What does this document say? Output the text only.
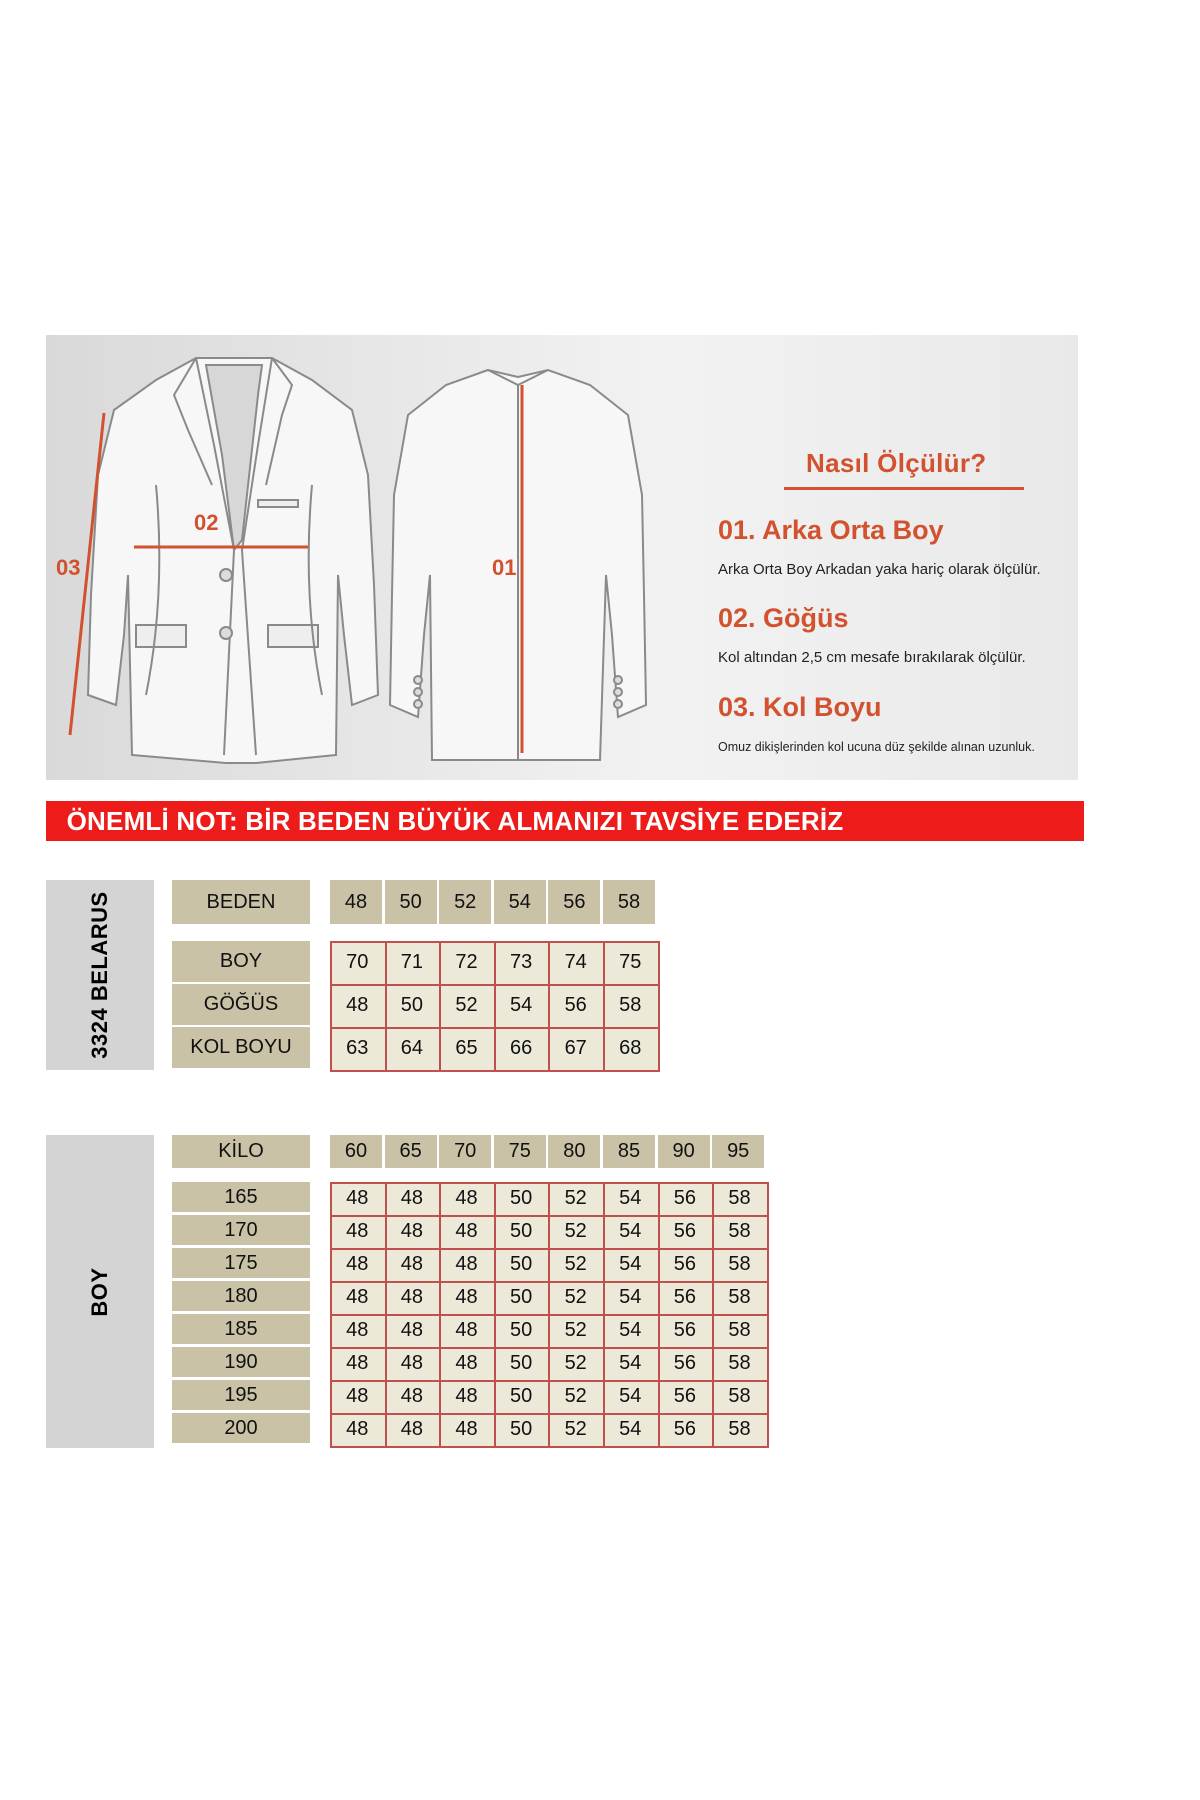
03
02
01
Nasıl Ölçülür?
01. Arka Orta Boy
Arka Orta Boy Arkadan yaka hariç olarak ölçülür.
02. Göğüs
Kol altından 2,5 cm mesafe bırakılarak ölçülür.
03. Kol Boyu
Omuz dikişlerinden kol ucuna düz şekilde alınan uzunluk.
ÖNEMLİ NOT: BİR BEDEN BÜYÜK ALMANIZI TAVSİYE EDERİZ
3324 BELARUS
BOY
BEDEN	48	50	52	54	56	58
BOY	70	71	72	73	74	75
GÖĞÜS	48	50	52	54	56	58
KOL BOYU	63	64	65	66	67	68
KİLO	60	65	70	75	80	85	90	95
165	48	48	48	50	52	54	56	58
170	48	48	48	50	52	54	56	58
175	48	48	48	50	52	54	56	58
180	48	48	48	50	52	54	56	58
185	48	48	48	50	52	54	56	58
190	48	48	48	50	52	54	56	58
195	48	48	48	50	52	54	56	58
200	48	48	48	50	52	54	56	58
